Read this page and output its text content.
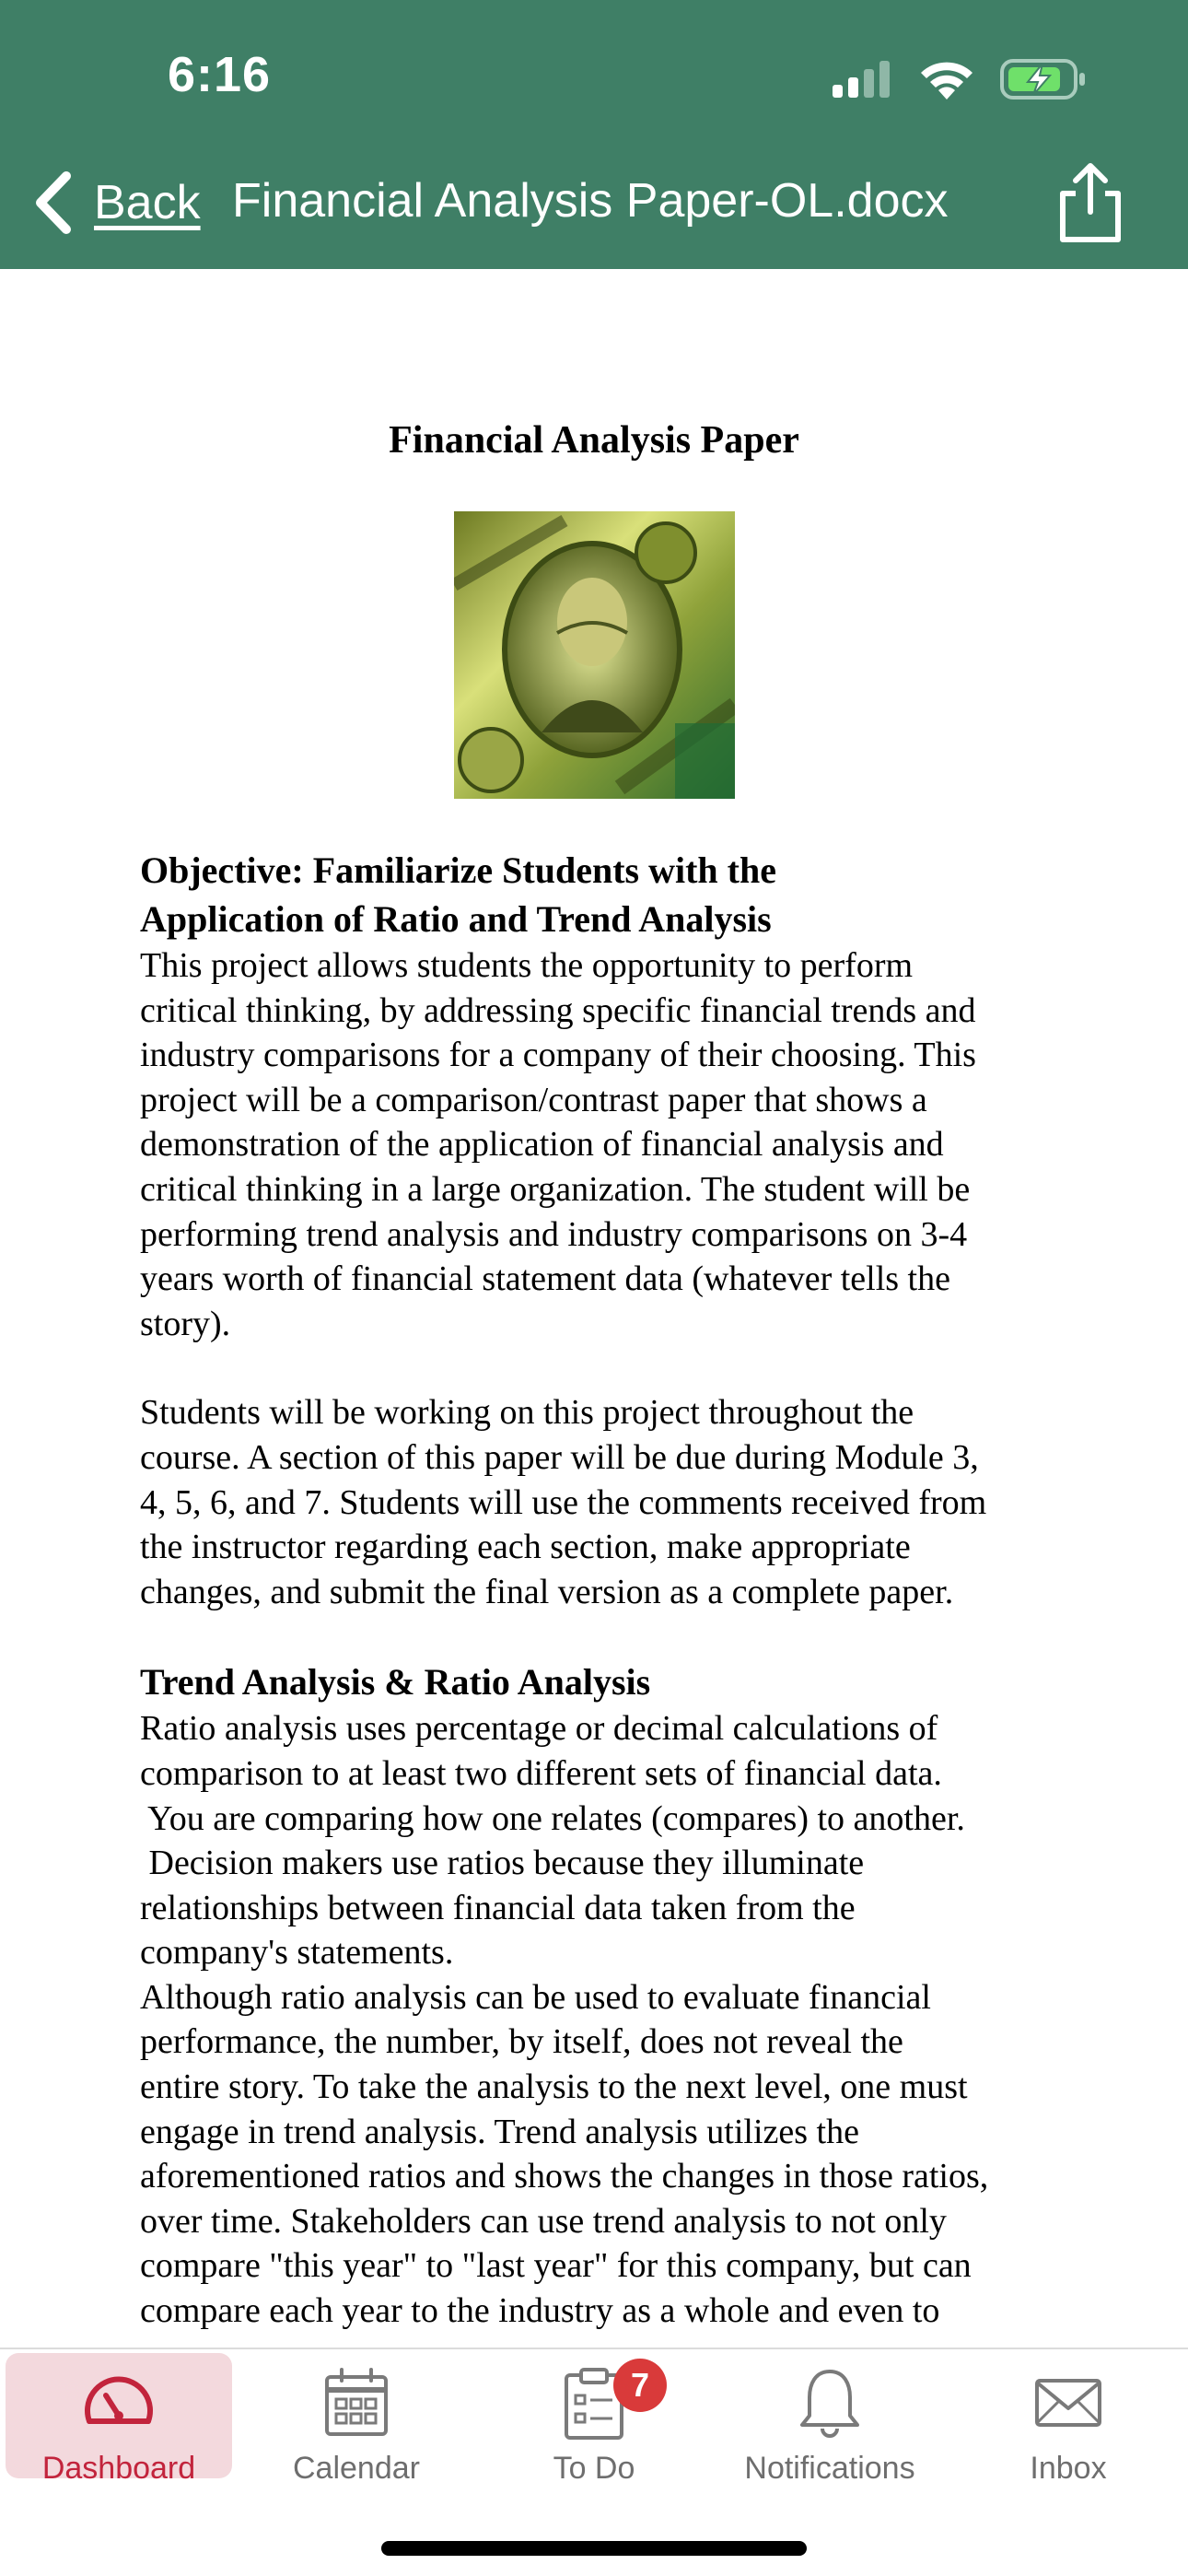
6:16
Back Financial Analysis Paper-OL.docx
Financial Analysis Paper

Objective: Familiarize Students with the

Application of Ratio and Trend Analysis

This project allows students the opportunity to perform

critical thinking, by addressing specific financial trends and

industry comparisons for a company of their choosing. This

project will be a comparison/contrast paper that shows a

demonstration of the application of financial analysis and

critical thinking in a large organization. The student will be

performing trend analysis and industry comparisons on 3-4

years worth of financial statement data (whatever tells the

story).

Students will be working on this project throughout the

course. A section of this paper will be due during Module 3,

4, 5, 6, and 7. Students will use the comments received from

the instructor regarding each section, make appropriate

changes, and submit the final version as a complete paper.

Trend Analysis & Ratio Analysis

Ratio analysis uses percentage or decimal calculations of

comparison to at least two different sets of financial data.

You are comparing how one relates (compares) to another.

Decision makers use ratios because they illuminate

relationships between financial data taken from the

company's statements.

Although ratio analysis can be used to evaluate financial

performance, the number, by itself, does not reveal the

entire story. To take the analysis to the next level, one must

engage in trend analysis. Trend analysis utilizes the

aforementioned ratios and shows the changes in those ratios,

over time. Stakeholders can use trend analysis to not only

compare "this year" to "last year" for this company, but can

compare each year to the industry as a whole and even to

Dashboard	Calendar	To Do	Notifications	Inbox
7
